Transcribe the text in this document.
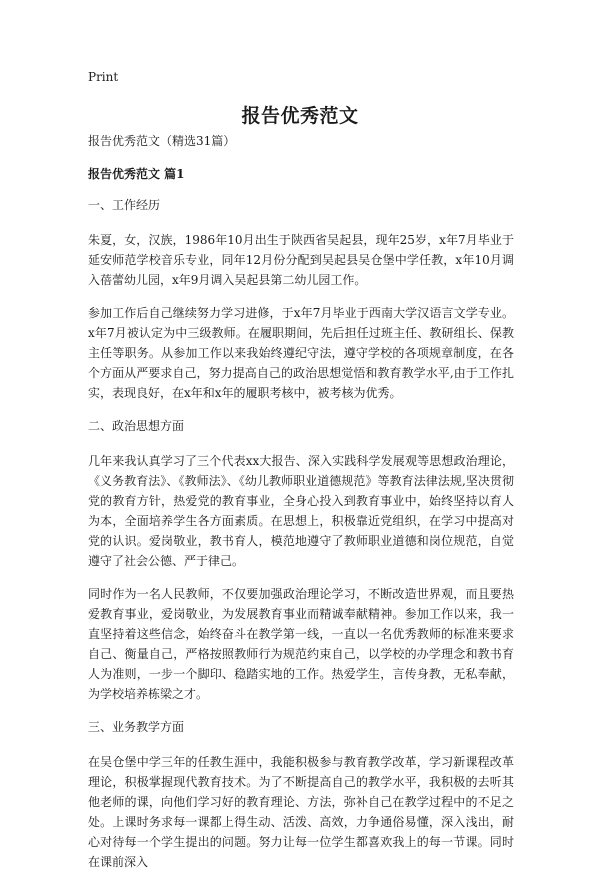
Print
报告优秀范文

报告优秀范文（精选31篇）

报告优秀范文 篇1

一、工作经历

朱夏，女，汉族，1986年10月出生于陕西省吴起县，现年25岁，x年7月毕业于延安师范学校音乐专业，同年12月份分配到吴起县吴仓堡中学任教，x年10月调入蓓蕾幼儿园，x年9月调入吴起县第二幼儿园工作。

参加工作后自己继续努力学习进修，于x年7月毕业于西南大学汉语言文学专业。x年7月被认定为中三级教师。在履职期间，先后担任过班主任、教研组长、保教主任等职务。从参加工作以来我始终遵纪守法，遵守学校的各项规章制度，在各个方面从严要求自己，努力提高自己的政治思想觉悟和教育教学水平,由于工作扎实，表现良好，在x年和x年的履职考核中，被考核为优秀。

二、政治思想方面

几年来我认真学习了三个代表xx大报告、深入实践科学发展观等思想政治理论，《义务教育法》、《教师法》、《幼儿教师职业道德规范》等教育法律法规,坚决贯彻党的教育方针，热爱党的教育事业，全身心投入到教育事业中，始终坚持以育人为本，全面培养学生各方面素质。在思想上，积极靠近党组织，在学习中提高对党的认识。爱岗敬业，教书育人，模范地遵守了教师职业道德和岗位规范，自觉遵守了社会公德、严于律己。

同时作为一名人民教师，不仅要加强政治理论学习，不断改造世界观，而且要热爱教育事业，爱岗敬业，为发展教育事业而精诚奉献精神。参加工作以来，我一直坚持着这些信念，始终奋斗在教学第一线，一直以一名优秀教师的标准来要求自己、衡量自己，严格按照教师行为规范约束自己，以学校的办学理念和教书育人为准则，一步一个脚印、稳踏实地的工作。热爱学生，言传身教，无私奉献，为学校培养栋梁之才。

三、业务教学方面

在吴仓堡中学三年的任教生涯中，我能积极参与教育教学改革，学习新课程改革理论，积极掌握现代教育技术。为了不断提高自己的教学水平，我积极的去听其他老师的课，向他们学习好的教育理论、方法，弥补自己在教学过程中的不足之处。上课时务求每一课都上得生动、活泼、高效，力争通俗易懂，深入浅出，耐心对待每一个学生提出的问题。努力让每一位学生都喜欢我上的每一节课。同时在课前深入
